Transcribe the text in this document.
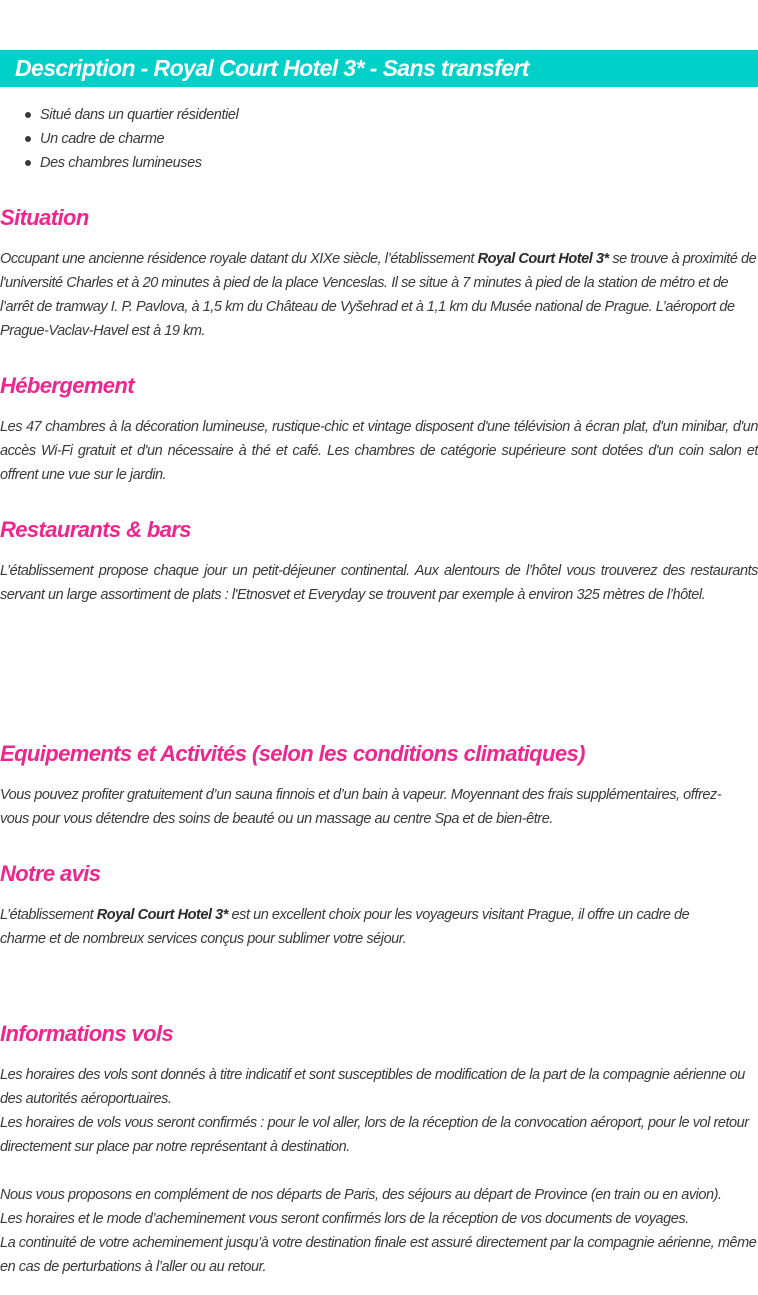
Description - Royal Court Hotel 3* - Sans transfert
Situé dans un quartier résidentiel
Un cadre de charme
Des chambres lumineuses
Situation

Occupant une ancienne résidence royale datant du XIXe siècle, l’établissement Royal Court Hotel 3* se trouve à proximité de l'université Charles et à 20 minutes à pied de la place Venceslas. Il se situe à 7 minutes à pied de la station de métro et de l’arrêt de tramway I. P. Pavlova, à 1,5 km du Château de Vyšehrad et à 1,1 km du Musée national de Prague. L’aéroport de Prague-Vaclav-Havel est à 19 km.

Hébergement

Les 47 chambres à la décoration lumineuse, rustique-chic et vintage disposent d'une télévision à écran plat, d'un minibar, d'un accès Wi-Fi gratuit et d'un nécessaire à thé et café. Les chambres de catégorie supérieure sont dotées d'un coin salon et offrent une vue sur le jardin.

Restaurants & bars

L’établissement propose chaque jour un petit-déjeuner continental. Aux alentours de l’hôtel vous trouverez des restaurants servant un large assortiment de plats : l'Etnosvet et Everyday se trouvent par exemple à environ 325 mètres de l’hôtel.

Equipements et Activités (selon les conditions climatiques)

Vous pouvez profiter gratuitement d’un sauna finnois et d’un bain à vapeur. Moyennant des frais supplémentaires, offrez-vous pour vous détendre des soins de beauté ou un massage au centre Spa et de bien-être.

Notre avis

L’établissement Royal Court Hotel 3* est un excellent choix pour les voyageurs visitant Prague, il offre un cadre de charme et de nombreux services conçus pour sublimer votre séjour.

Informations vols

Les horaires des vols sont donnés à titre indicatif et sont susceptibles de modification de la part de la compagnie aérienne ou des autorités aéroportuaires.
Les horaires de vols vous seront confirmés : pour le vol aller, lors de la réception de la convocation aéroport, pour le vol retour directement sur place par notre représentant à destination.

Nous vous proposons en complément de nos départs de Paris, des séjours au départ de Province (en train ou en avion).
Les horaires et le mode d’acheminement vous seront confirmés lors de la réception de vos documents de voyages.
La continuité de votre acheminement jusqu’à votre destination finale est assuré directement par la compagnie aérienne, même en cas de perturbations à l’aller ou au retour.
